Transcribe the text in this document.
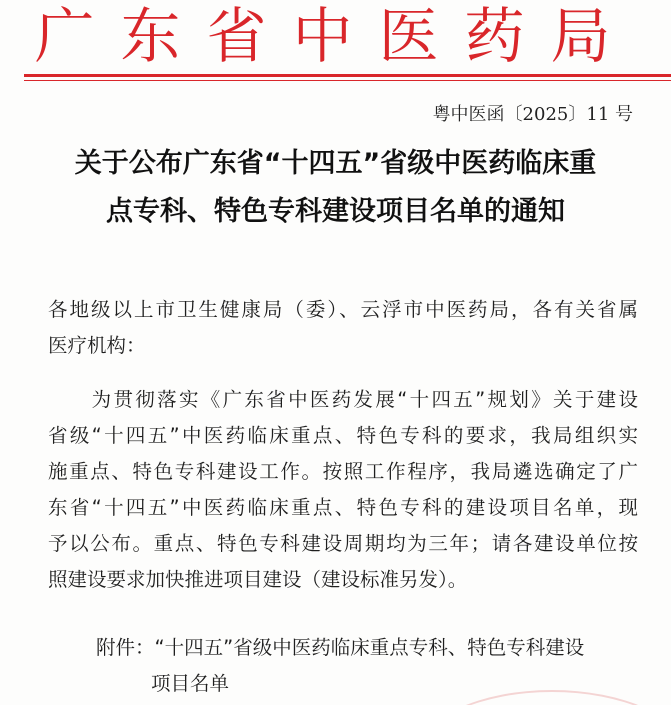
广东省中医药局
粤中医函〔2025〕11 号
关于公布广东省“十四五”省级中医药临床重
点专科、特色专科建设项目名单的通知
各地级以上市卫生健康局（委）、云浮市中医药局，各有关省属
医疗机构：
　　为贯彻落实《广东省中医药发展“十四五”规划》关于建设
省级“十四五”中医药临床重点、特色专科的要求，我局组织实
施重点、特色专科建设工作。按照工作程序，我局遴选确定了广
东省“十四五”中医药临床重点、特色专科的建设项目名单，现
予以公布。重点、特色专科建设周期均为三年；请各建设单位按
照建设要求加快推进项目建设（建设标准另发）。
附件：“十四五”省级中医药临床重点专科、特色专科建设
项目名单
